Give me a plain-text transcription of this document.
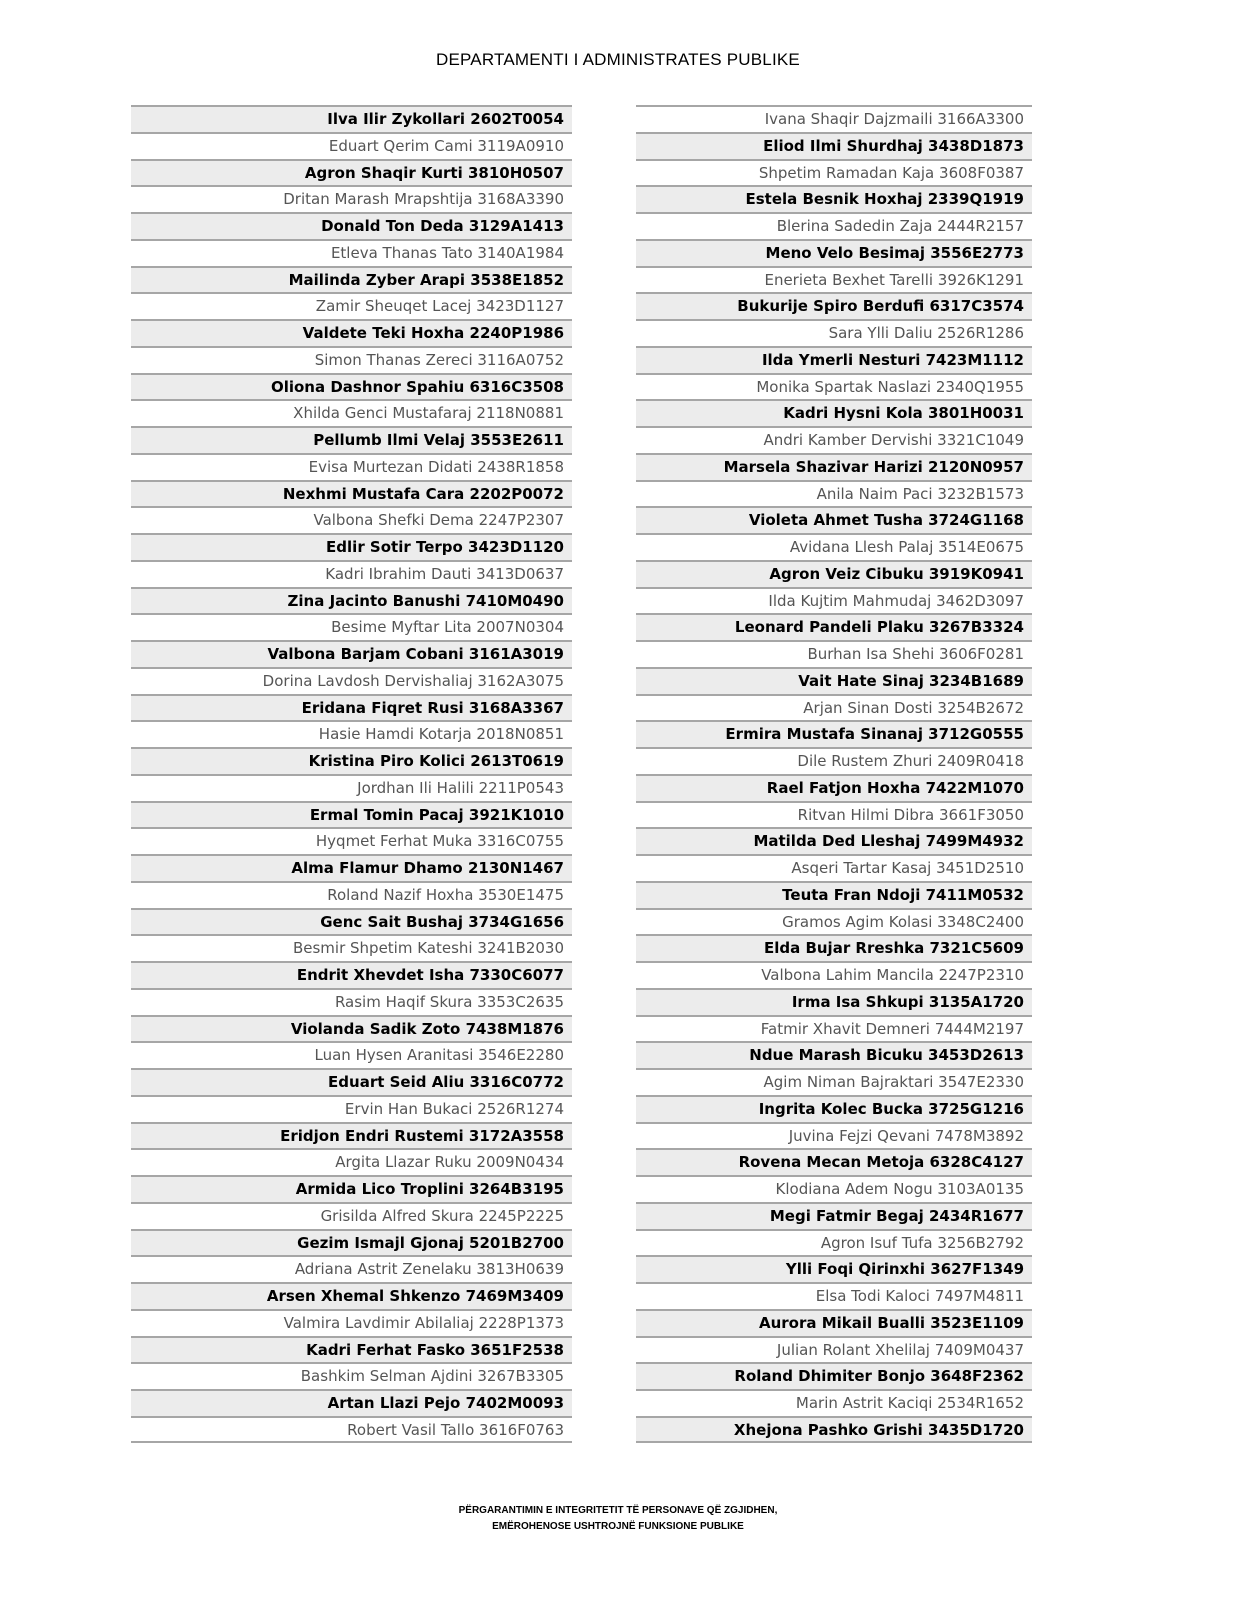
DEPARTAMENTI I ADMINISTRATES PUBLIKE
Ilva Ilir Zykollari 2602T0054
Eduart Qerim Cami 3119A0910
Agron Shaqir Kurti 3810H0507
Dritan Marash Mrapshtija 3168A3390
Donald Ton Deda 3129A1413
Etleva Thanas Tato 3140A1984
Mailinda Zyber Arapi 3538E1852
Zamir Sheuqet Lacej 3423D1127
Valdete Teki Hoxha 2240P1986
Simon Thanas Zereci 3116A0752
Oliona Dashnor Spahiu 6316C3508
Xhilda Genci Mustafaraj 2118N0881
Pellumb Ilmi Velaj 3553E2611
Evisa Murtezan Didati 2438R1858
Nexhmi Mustafa Cara 2202P0072
Valbona Shefki Dema 2247P2307
Edlir Sotir Terpo 3423D1120
Kadri Ibrahim Dauti 3413D0637
Zina Jacinto Banushi 7410M0490
Besime Myftar Lita 2007N0304
Valbona Barjam Cobani 3161A3019
Dorina Lavdosh Dervishaliaj 3162A3075
Eridana Fiqret Rusi 3168A3367
Hasie Hamdi Kotarja 2018N0851
Kristina Piro Kolici 2613T0619
Jordhan Ili Halili 2211P0543
Ermal Tomin Pacaj 3921K1010
Hyqmet Ferhat Muka 3316C0755
Alma Flamur Dhamo 2130N1467
Roland Nazif Hoxha 3530E1475
Genc Sait Bushaj 3734G1656
Besmir Shpetim Kateshi 3241B2030
Endrit Xhevdet Isha 7330C6077
Rasim Haqif Skura 3353C2635
Violanda Sadik Zoto 7438M1876
Luan Hysen Aranitasi 3546E2280
Eduart Seid Aliu 3316C0772
Ervin Han Bukaci 2526R1274
Eridjon Endri Rustemi 3172A3558
Argita Llazar Ruku 2009N0434
Armida Lico Troplini 3264B3195
Grisilda Alfred Skura 2245P2225
Gezim Ismajl Gjonaj 5201B2700
Adriana Astrit Zenelaku 3813H0639
Arsen Xhemal Shkenzo 7469M3409
Valmira Lavdimir Abilaliaj 2228P1373
Kadri Ferhat Fasko 3651F2538
Bashkim Selman Ajdini 3267B3305
Artan Llazi Pejo 7402M0093
Robert Vasil Tallo 3616F0763
Ivana Shaqir Dajzmaili 3166A3300
Eliod Ilmi Shurdhaj 3438D1873
Shpetim Ramadan Kaja 3608F0387
Estela Besnik Hoxhaj 2339Q1919
Blerina Sadedin Zaja 2444R2157
Meno Velo Besimaj 3556E2773
Enerieta Bexhet Tarelli 3926K1291
Bukurije Spiro Berdufi 6317C3574
Sara Ylli Daliu 2526R1286
Ilda Ymerli Nesturi 7423M1112
Monika Spartak Naslazi 2340Q1955
Kadri Hysni Kola 3801H0031
Andri Kamber Dervishi 3321C1049
Marsela Shazivar Harizi 2120N0957
Anila Naim Paci 3232B1573
Violeta Ahmet Tusha 3724G1168
Avidana Llesh Palaj 3514E0675
Agron Veiz Cibuku 3919K0941
Ilda Kujtim Mahmudaj 3462D3097
Leonard Pandeli Plaku 3267B3324
Burhan Isa Shehi 3606F0281
Vait Hate Sinaj 3234B1689
Arjan Sinan Dosti 3254B2672
Ermira Mustafa Sinanaj 3712G0555
Dile Rustem Zhuri 2409R0418
Rael Fatjon Hoxha 7422M1070
Ritvan Hilmi Dibra 3661F3050
Matilda Ded Lleshaj 7499M4932
Asqeri Tartar Kasaj 3451D2510
Teuta Fran Ndoji 7411M0532
Gramos Agim Kolasi 3348C2400
Elda Bujar Rreshka 7321C5609
Valbona Lahim Mancila 2247P2310
Irma Isa Shkupi 3135A1720
Fatmir Xhavit Demneri 7444M2197
Ndue Marash Bicuku 3453D2613
Agim Niman Bajraktari 3547E2330
Ingrita Kolec Bucka 3725G1216
Juvina Fejzi Qevani 7478M3892
Rovena Mecan Metoja 6328C4127
Klodiana Adem Nogu 3103A0135
Megi Fatmir Begaj 2434R1677
Agron Isuf Tufa 3256B2792
Ylli Foqi Qirinxhi 3627F1349
Elsa Todi Kaloci 7497M4811
Aurora Mikail Bualli 3523E1109
Julian Rolant Xhelilaj 7409M0437
Roland Dhimiter Bonjo 3648F2362
Marin Astrit Kaciqi 2534R1652
Xhejona Pashko Grishi 3435D1720
PËRGARANTIMIN E INTEGRITETIT TË PERSONAVE QË ZGJIDHEN,
EMËROHENOSE USHTROJNË FUNKSIONE PUBLIKE
